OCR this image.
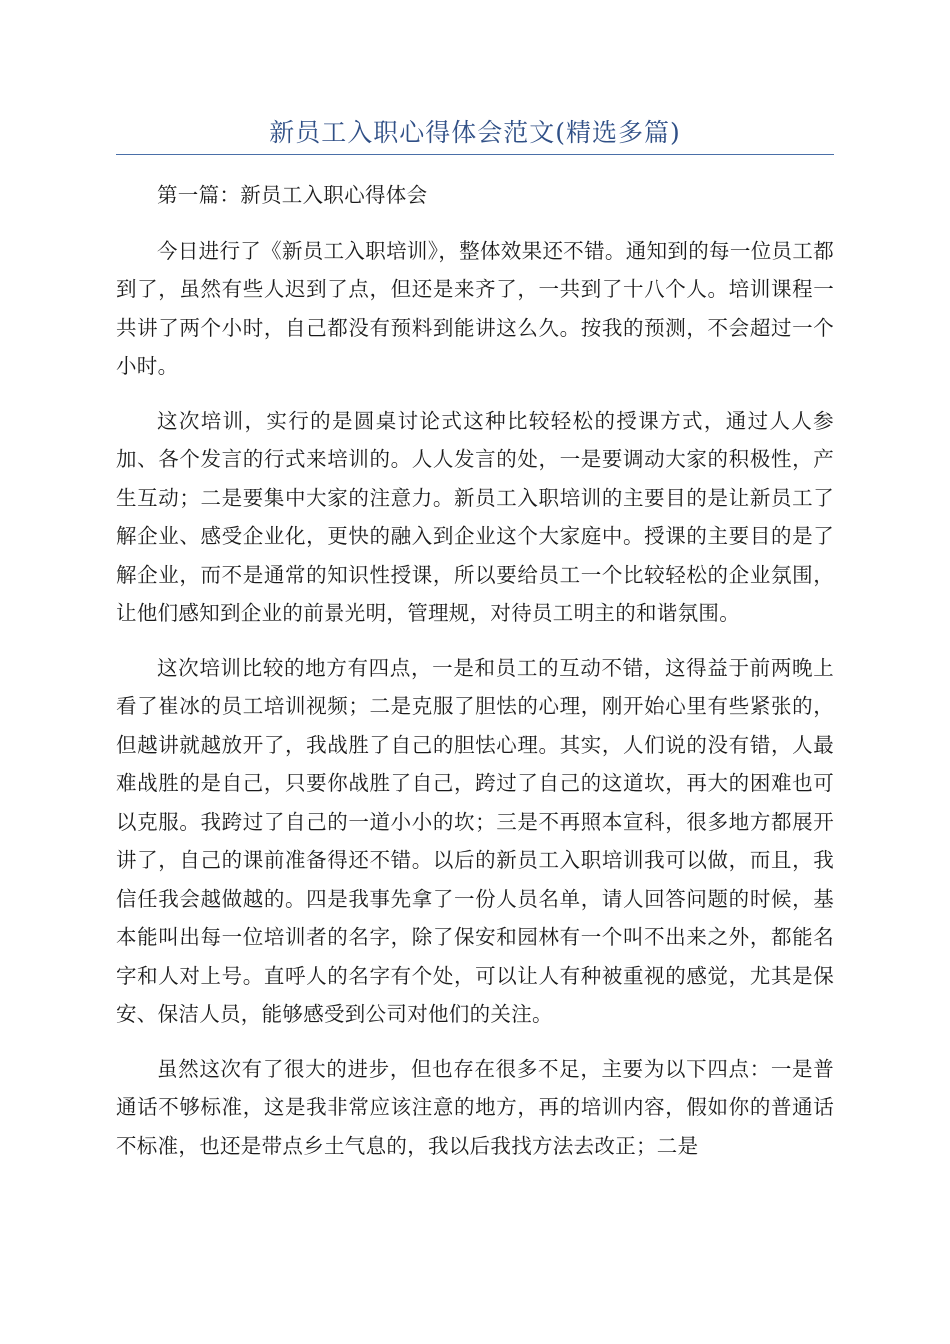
新员工入职心得体会范文(精选多篇)

第一篇：新员工入职心得体会

今日进行了《新员工入职培训》，整体效果还不错。通知到的每一位员工都到了，虽然有些人迟到了点，但还是来齐了，一共到了十八个人。培训课程一共讲了两个小时，自己都没有预料到能讲这么久。按我的预测，不会超过一个小时。

这次培训，实行的是圆桌讨论式这种比较轻松的授课方式，通过人人参加、各个发言的行式来培训的。人人发言的处，一是要调动大家的积极性，产生互动；二是要集中大家的注意力。新员工入职培训的主要目的是让新员工了解企业、感受企业化，更快的融入到企业这个大家庭中。授课的主要目的是了解企业，而不是通常的知识性授课，所以要给员工一个比较轻松的企业氛围，让他们感知到企业的前景光明，管理规，对待员工明主的和谐氛围。

这次培训比较的地方有四点，一是和员工的互动不错，这得益于前两晚上看了崔冰的员工培训视频；二是克服了胆怯的心理，刚开始心里有些紧张的，但越讲就越放开了，我战胜了自己的胆怯心理。其实，人们说的没有错，人最难战胜的是自己，只要你战胜了自己，跨过了自己的这道坎，再大的困难也可以克服。我跨过了自己的一道小小的坎；三是不再照本宣科，很多地方都展开讲了，自己的课前准备得还不错。以后的新员工入职培训我可以做，而且，我信任我会越做越的。四是我事先拿了一份人员名单，请人回答问题的时候，基本能叫出每一位培训者的名字，除了保安和园林有一个叫不出来之外，都能名字和人对上号。直呼人的名字有个处，可以让人有种被重视的感觉，尤其是保安、保洁人员，能够感受到公司对他们的关注。

虽然这次有了很大的进步，但也存在很多不足，主要为以下四点：一是普通话不够标准，这是我非常应该注意的地方，再的培训内容，假如你的普通话不标准，也还是带点乡土气息的，我以后我找方法去改正；二是
